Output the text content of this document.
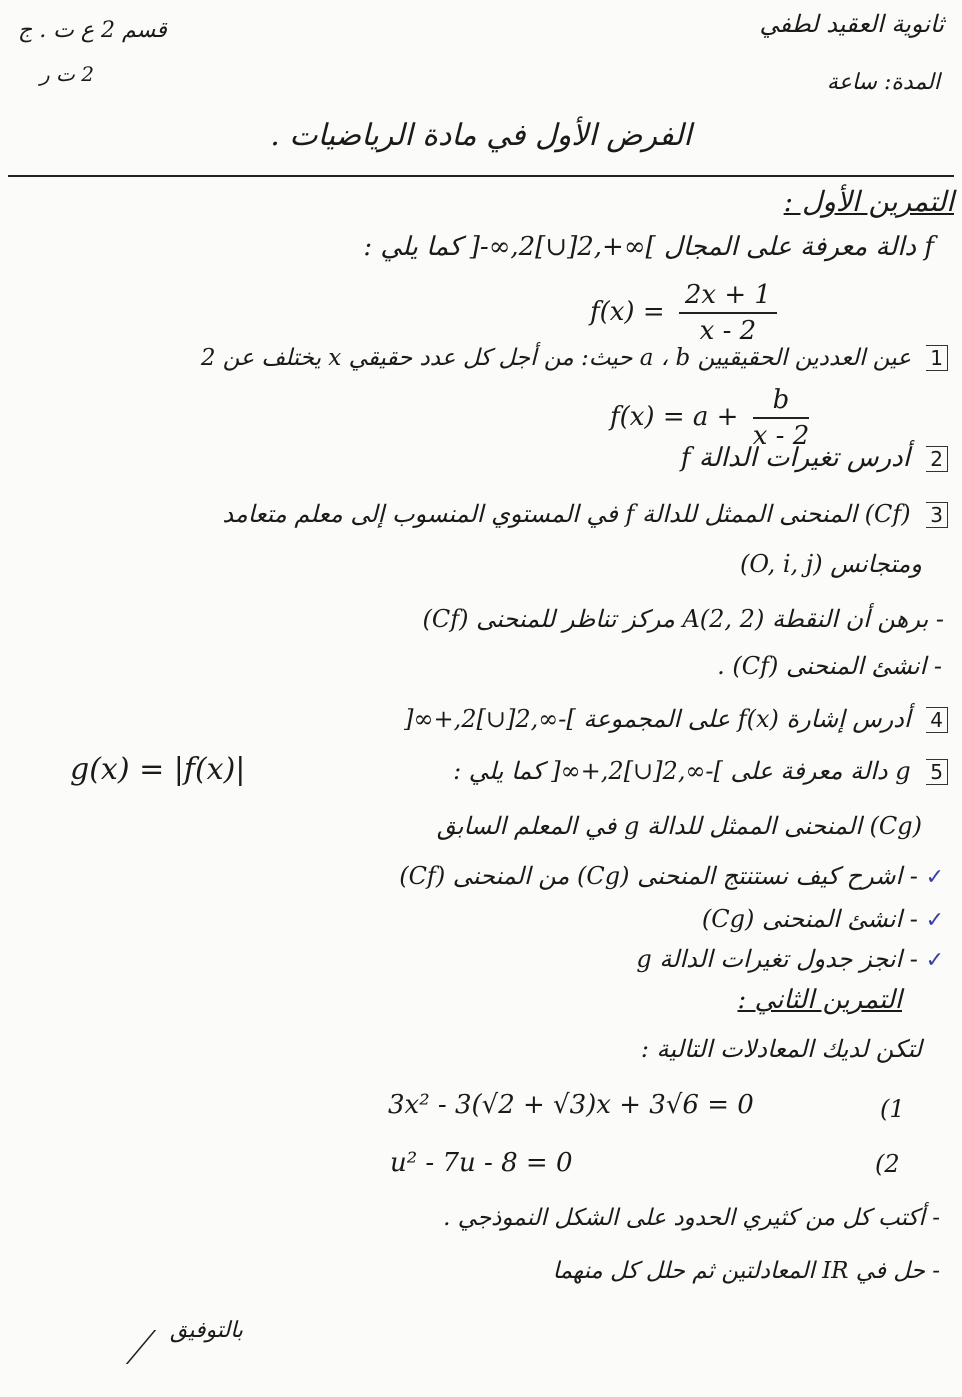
ثانوية العقيد لطفي
المدة: ساعة
قسم 2 ع ت . ج
2 ت ر
الفرض الأول في مادة الرياضيات .
التمرين الأول :
f دالة معرفة على المجال ]-∞,2[∪]2,+∞[ كما يلي :
$f(x) = \frac{2x + 1}{x - 2}$
1 عين العددين الحقيقيين a ، b حيث: من أجل كل عدد حقيقي x يختلف عن 2
$f(x) = a + \frac{b}{x - 2}$
2 أدرس تغيرات الدالة f
3 (Cf) المنحنى الممثل للدالة f في المستوي المنسوب إلى معلم متعامد
ومتجانس (O, i, j)
- برهن أن النقطة A(2, 2) مركز تناظر للمنحنى (Cf)
- انشئ المنحنى (Cf) .
4 أدرس إشارة f(x) على المجموعة ]-∞,2[∪]2,+∞[
5 g دالة معرفة على ]-∞,2[∪]2,+∞[ كما يلي :
g(x) = |f(x)|
(Cg) المنحنى الممثل للدالة g في المعلم السابق
✓ - اشرح كيف نستنتج المنحنى (Cg) من المنحنى (Cf)
✓ - انشئ المنحنى (Cg)
✓ - انجز جدول تغيرات الدالة g
التمرين الثاني :
لتكن لديك المعادلات التالية :
3x² - 3(√2 + √3)x + 3√6 = 0	(1
u² - 7u - 8 = 0	(2
- أكتب كل من كثيري الحدود على الشكل النموذجي .
- حل في IR المعادلتين ثم حلل كل منهما
بالتوفيق
